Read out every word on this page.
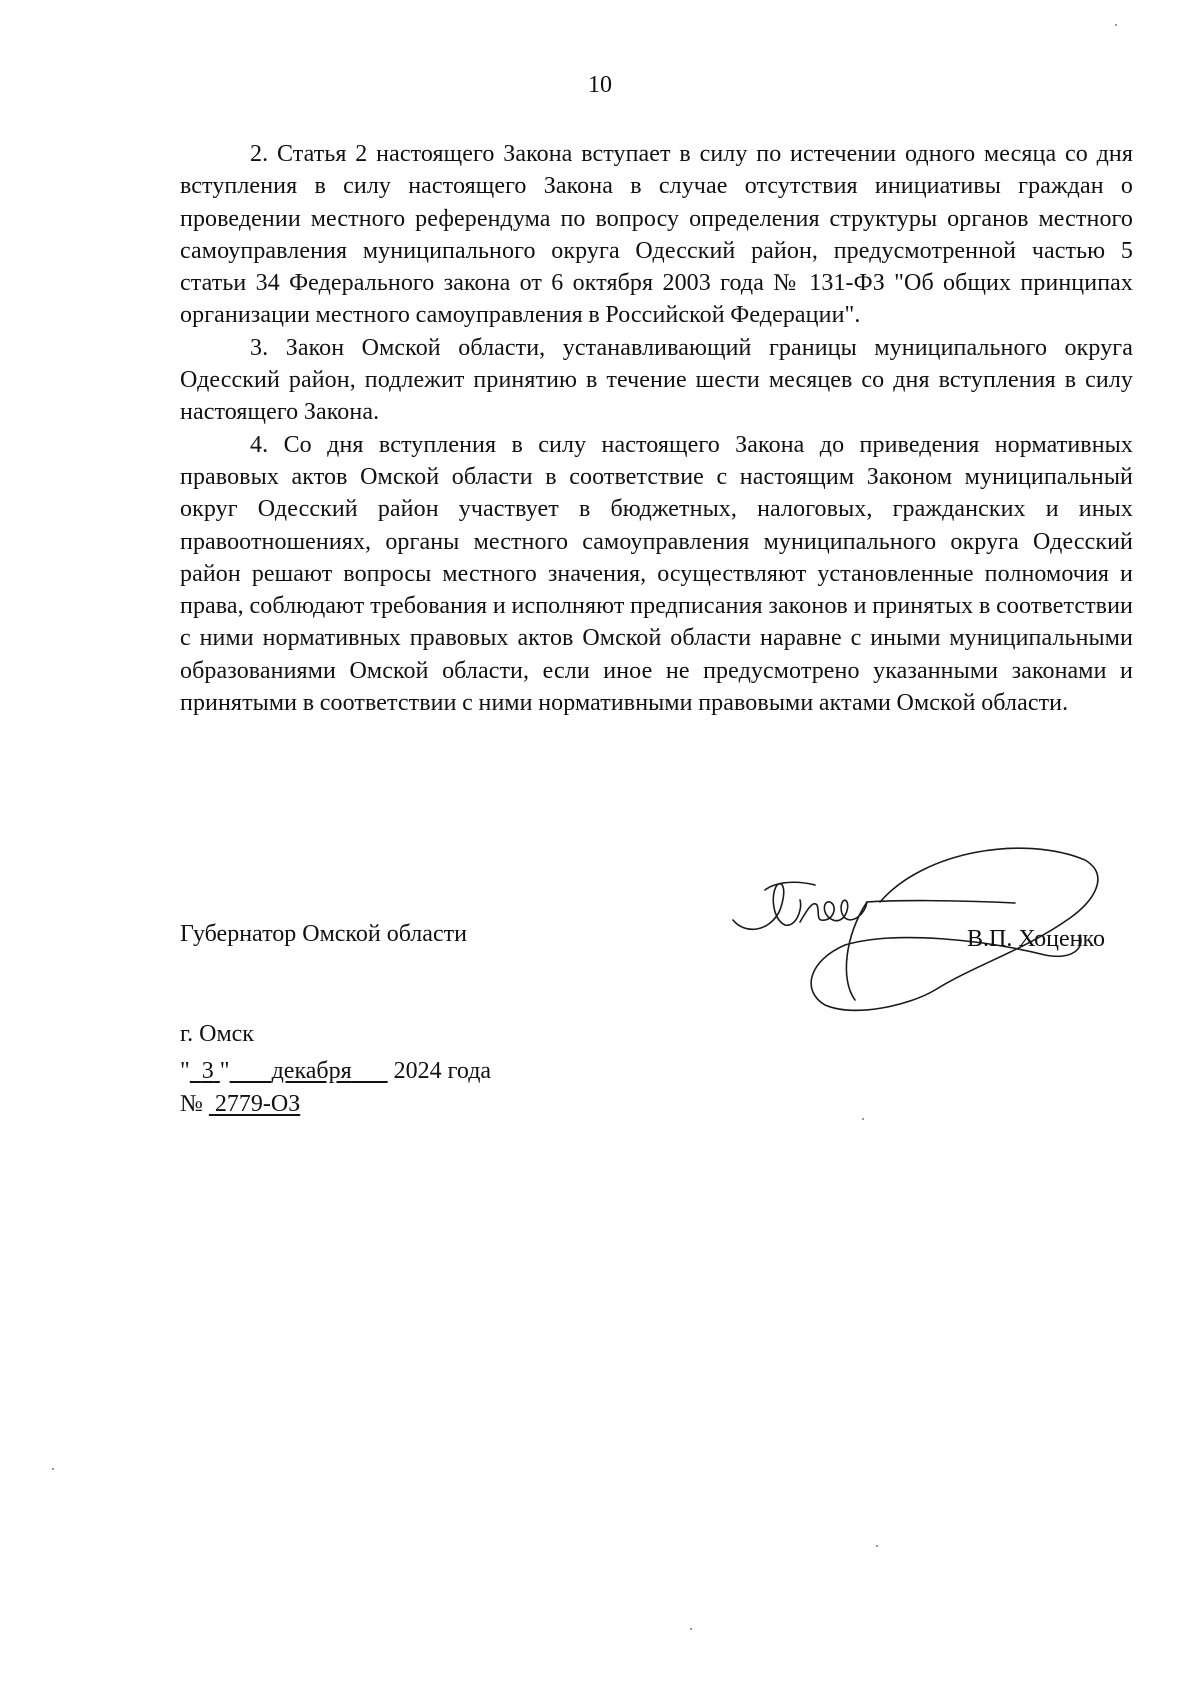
10

2. Статья 2 настоящего Закона вступает в силу по истечении одного месяца со дня вступления в силу настоящего Закона в случае отсутствия инициативы граждан о проведении местного референдума по вопросу определения структуры органов местного самоуправления муниципального округа Одесский район, предусмотренной частью 5 статьи 34 Федерального закона от 6 октября 2003 года № 131-ФЗ "Об общих принципах организации местного самоуправления в Российской Федерации".

3. Закон Омской области, устанавливающий границы муниципального округа Одесский район, подлежит принятию в течение шести месяцев со дня вступления в силу настоящего Закона.

4. Со дня вступления в силу настоящего Закона до приведения нормативных правовых актов Омской области в соответствие с настоящим Законом муниципальный округ Одесский район участвует в бюджетных, налоговых, гражданских и иных правоотношениях, органы местного самоуправления муниципального округа Одесский район решают вопросы местного значения, осуществляют установленные полномочия и права, соблюдают требования и исполняют предписания законов и принятых в соответствии с ними нормативных правовых актов Омской области наравне с иными муниципальными образованиями Омской области, если иное не предусмотрено указанными законами и принятыми в соответствии с ними нормативными правовыми актами Омской области.

Губернатор Омской области	В.П. Хоценко
г. Омск
" 3 " декабря 2024 года
№ 2779-ОЗ
